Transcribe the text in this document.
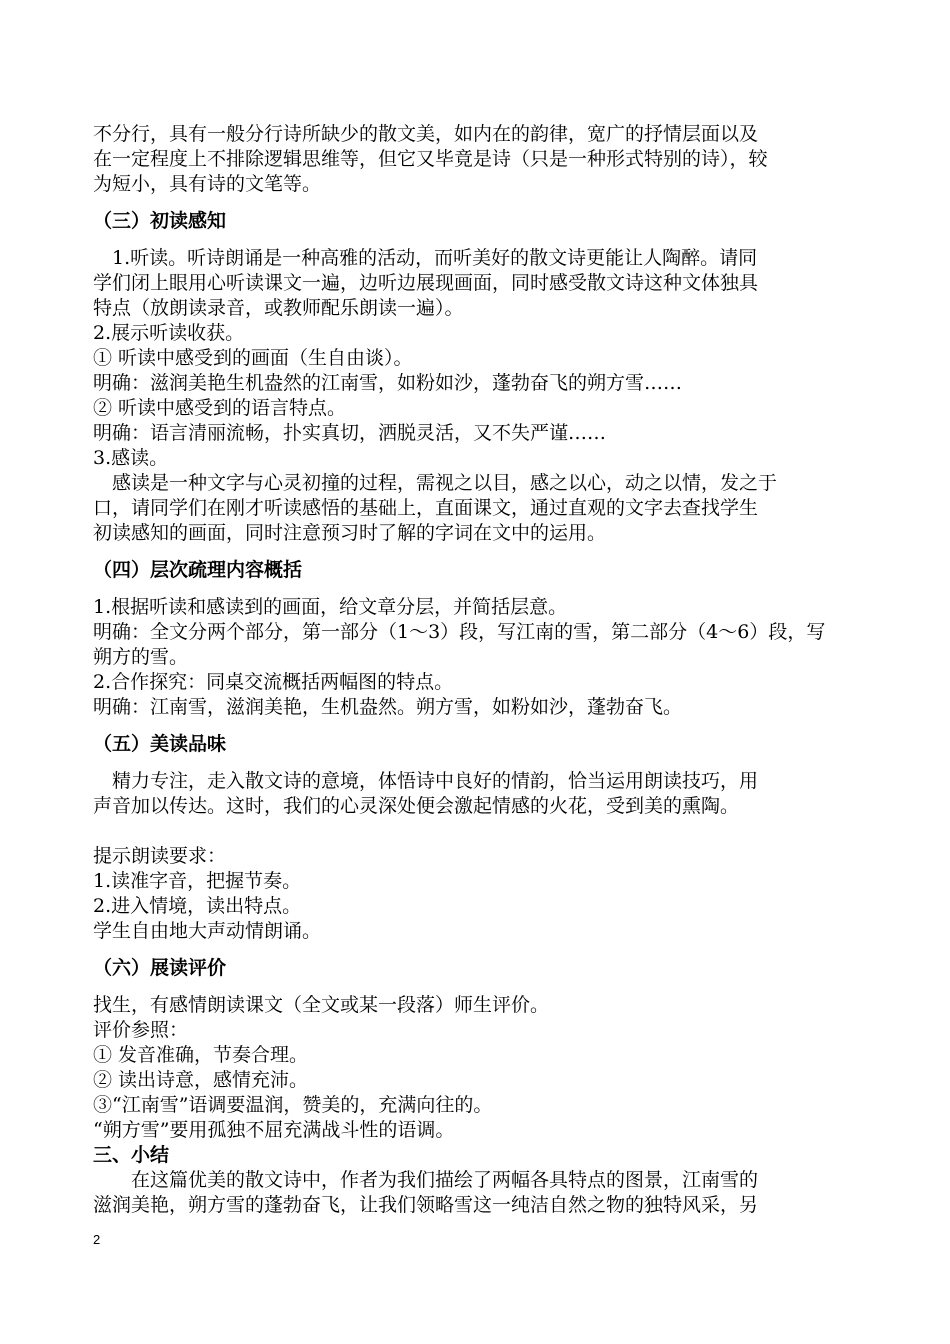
不分行，具有一般分行诗所缺少的散文美，如内在的韵律，宽广的抒情层面以及

在一定程度上不排除逻辑思维等，但它又毕竟是诗（只是一种形式特别的诗），较

为短小，具有诗的文笔等。

（三）初读感知

1.听读。听诗朗诵是一种高雅的活动，而听美好的散文诗更能让人陶醉。请同

学们闭上眼用心听读课文一遍，边听边展现画面，同时感受散文诗这种文体独具

特点（放朗读录音，或教师配乐朗读一遍）。

2.展示听读收获。

① 听读中感受到的画面（生自由谈）。

明确：滋润美艳生机盎然的江南雪，如粉如沙，蓬勃奋飞的朔方雪……

② 听读中感受到的语言特点。

明确：语言清丽流畅，扑实真切，洒脱灵活，又不失严谨……

3.感读。

感读是一种文字与心灵初撞的过程，需视之以目，感之以心，动之以情，发之于

口，请同学们在刚才听读感悟的基础上，直面课文，通过直观的文字去查找学生

初读感知的画面，同时注意预习时了解的字词在文中的运用。

（四）层次疏理内容概括

1.根据听读和感读到的画面，给文章分层，并简括层意。

明确：全文分两个部分，第一部分（1～3）段，写江南的雪，第二部分（4～6）段，写

朔方的雪。

2.合作探究：同桌交流概括两幅图的特点。

明确：江南雪，滋润美艳，生机盎然。朔方雪，如粉如沙，蓬勃奋飞。

（五）美读品味

精力专注，走入散文诗的意境，体悟诗中良好的情韵，恰当运用朗读技巧，用

声音加以传达。这时，我们的心灵深处便会激起情感的火花，受到美的熏陶。

提示朗读要求：

1.读准字音，把握节奏。

2.进入情境，读出特点。

学生自由地大声动情朗诵。

（六）展读评价

找生，有感情朗读课文（全文或某一段落）师生评价。

评价参照：

① 发音准确，节奏合理。

② 读出诗意，感情充沛。

③“江南雪”语调要温润，赞美的，充满向往的。

“朔方雪”要用孤独不屈充满战斗性的语调。

三、小结

在这篇优美的散文诗中，作者为我们描绘了两幅各具特点的图景，江南雪的

滋润美艳，朔方雪的蓬勃奋飞，让我们领略雪这一纯洁自然之物的独特风采，另

2
